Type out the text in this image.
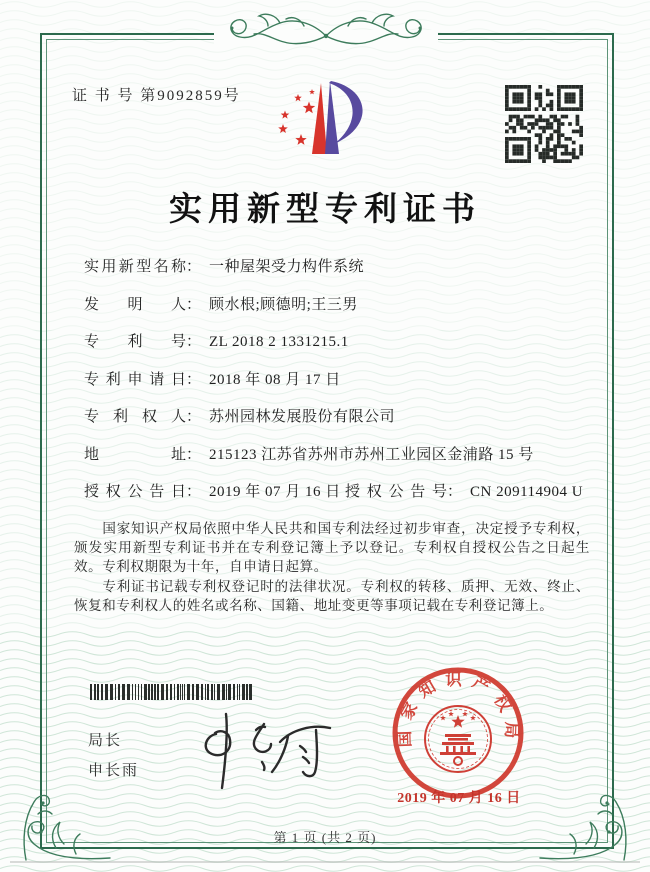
证 书 号 第9092859号
实用新型专利证书
实用新型名称： 一种屋架受力构件系统
发明人： 顾水根;顾德明;王三男
专利号： ZL 2018 2 1331215.1
专利申请日： 2018 年 08 月 17 日
专利权人： 苏州园林发展股份有限公司
地址： 215123 江苏省苏州市苏州工业园区金浦路 15 号
授权公告日： 2019 年 07 月 16 日 授权公告号： CN 209114904 U

国家知识产权局依照中华人民共和国专利法经过初步审查，决定授予专利权，颁发实用新型专利证书并在专利登记簿上予以登记。专利权自授权公告之日起生效。专利权期限为十年，自申请日起算。

专利证书记载专利权登记时的法律状况。专利权的转移、质押、无效、终止、恢复和专利权人的姓名或名称、国籍、地址变更等事项记载在专利登记簿上。

局长
申长雨
国家知识产权局
2019 年 07 月 16 日
第 1 页 (共 2 页)
